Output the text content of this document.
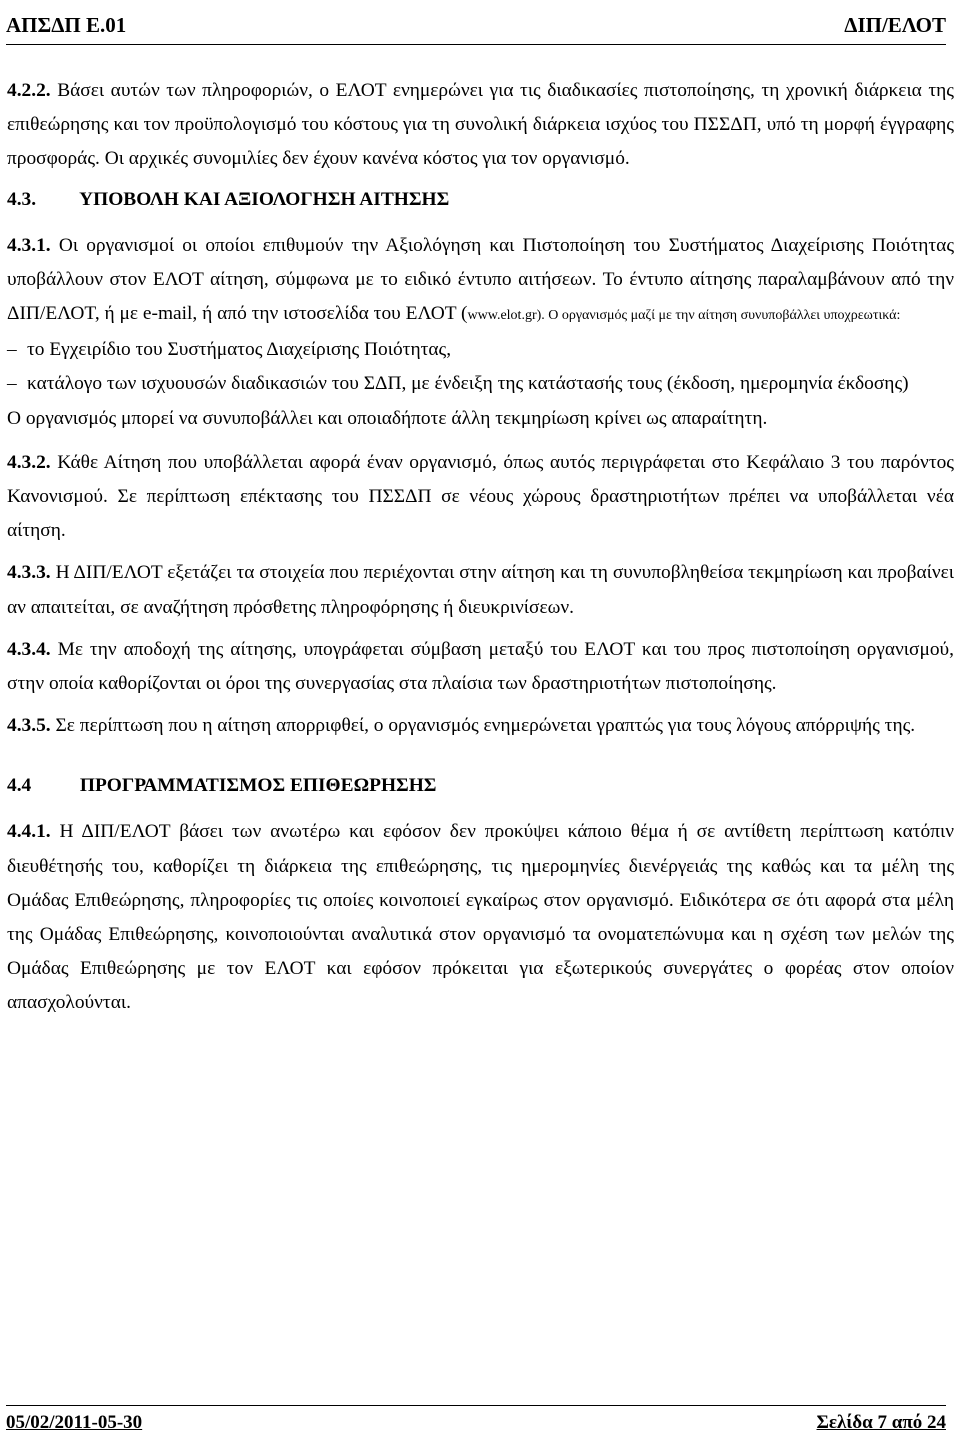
ΑΠΣΔΠ Ε.01	ΔΙΠ/ΕΛΟΤ

4.2.2. Βάσει αυτών των πληροφοριών, ο ΕΛΟΤ ενημερώνει για τις διαδικασίες πιστοποίησης, τη χρονική διάρκεια της επιθεώρησης και τον προϋπολογισμό του κόστους για τη συνολική διάρκεια ισχύος του ΠΣΣΔΠ, υπό τη μορφή έγγραφης προσφοράς. Οι αρχικές συνομιλίες δεν έχουν κανένα κόστος για τον οργανισμό.

4.3. ΥΠΟΒΟΛΗ ΚΑΙ ΑΞΙΟΛΟΓΗΣΗ ΑΙΤΗΣΗΣ
4.3.1. Οι οργανισμοί οι οποίοι επιθυμούν την Αξιολόγηση και Πιστοποίηση του Συστήματος Διαχείρισης Ποιότητας υποβάλλουν στον ΕΛΟΤ αίτηση, σύμφωνα με το ειδικό έντυπο αιτήσεων. Το έντυπο αίτησης παραλαμβάνουν από την ΔΙΠ/ΕΛΟΤ, ή με e-mail, ή από την ιστοσελίδα του ΕΛΟΤ (www.elot.gr). Ο οργανισμός μαζί με την αίτηση συνυποβάλλει υποχρεωτικά:
– το Εγχειρίδιο του Συστήματος Διαχείρισης Ποιότητας,
– κατάλογο των ισχυουσών διαδικασιών του ΣΔΠ, με ένδειξη της κατάστασής τους (έκδοση, ημερομηνία έκδοσης)

Ο οργανισμός μπορεί να συνυποβάλλει και οποιαδήποτε άλλη τεκμηρίωση κρίνει ως απαραίτητη.

4.3.2. Κάθε Αίτηση που υποβάλλεται αφορά έναν οργανισμό, όπως αυτός περιγράφεται στο Κεφάλαιο 3 του παρόντος Κανονισμού. Σε περίπτωση επέκτασης του ΠΣΣΔΠ σε νέους χώρους δραστηριοτήτων πρέπει να υποβάλλεται νέα αίτηση.

4.3.3. Η ΔΙΠ/ΕΛΟΤ εξετάζει τα στοιχεία που περιέχονται στην αίτηση και τη συνυποβλ​ηθείσα τεκμηρίωση και προβαίνει αν απαιτείται, σε αναζήτηση πρόσθετης πληροφόρησης ή διευκρινίσεων.

4.3.4. Με την αποδοχή της αίτησης, υπογράφεται σύμβαση μεταξύ του ΕΛΟΤ και του προς πιστοποίηση οργανισμού, στην οποία καθορίζονται οι όροι της συνεργασίας στα πλαίσια των δραστηριοτήτων πιστοποίησης.

4.3.5. Σε περίπτωση που η αίτηση απορριφθεί, ο οργανισμός ενημερώνεται γραπτώς για τους λόγους απόρριψής της.

4.4	ΠΡΟΓΡΑΜΜΑΤΙΣΜΟΣ ΕΠΙΘΕΩΡΗΣΗΣ

4.4.1. Η ΔΙΠ/ΕΛΟΤ βάσει των ανωτέρω και εφόσον δεν προκύψει κάποιο θέμα ή σε αντίθετη περίπτωση κατόπιν διευθέτησής του, καθορίζει τη διάρκεια της επιθεώρησης, τις ημερομηνίες διενέργειάς της καθώς και τα μέλη της Ομάδας Επιθεώρησης, πληροφορίες τις οποίες κοινοποιεί εγκαίρως στον οργανισμό. Ειδικότερα σε ότι αφορά στα μέλη της Ομάδας Επιθεώρησης, κοινοποιούνται αναλυτικά στον οργανισμό τα ονοματεπώνυμα και η σχέση των μελών της Ομάδας Επιθεώρησης με τον ΕΛΟΤ και εφόσον πρόκειται για εξωτερικούς συνεργάτες ο φορέας στον οποίον απασχολούνται.

05/02/2011-05-30	Σελίδα 7 από 24
